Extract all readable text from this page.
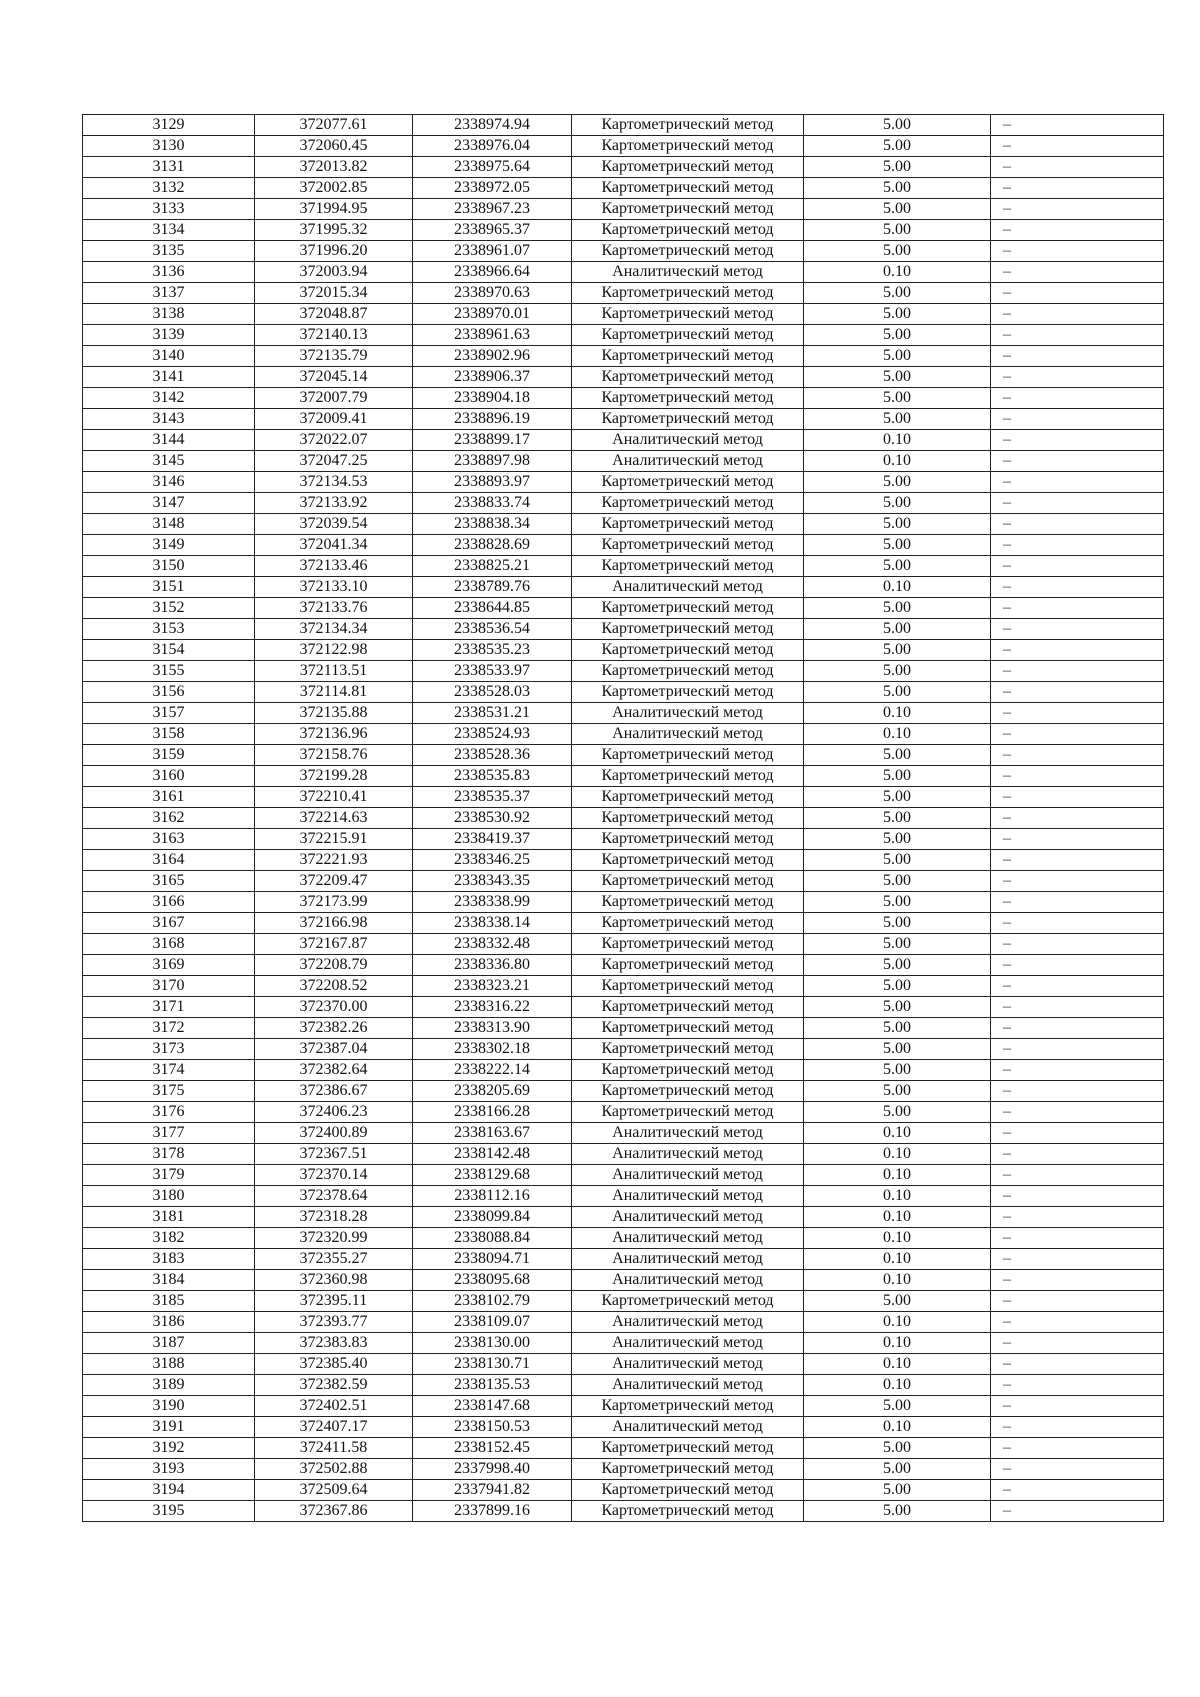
3129	372077.61	2338974.94	Картометрический метод	5.00	–
3130	372060.45	2338976.04	Картометрический метод	5.00	–
3131	372013.82	2338975.64	Картометрический метод	5.00	–
3132	372002.85	2338972.05	Картометрический метод	5.00	–
3133	371994.95	2338967.23	Картометрический метод	5.00	–
3134	371995.32	2338965.37	Картометрический метод	5.00	–
3135	371996.20	2338961.07	Картометрический метод	5.00	–
3136	372003.94	2338966.64	Аналитический метод	0.10	–
3137	372015.34	2338970.63	Картометрический метод	5.00	–
3138	372048.87	2338970.01	Картометрический метод	5.00	–
3139	372140.13	2338961.63	Картометрический метод	5.00	–
3140	372135.79	2338902.96	Картометрический метод	5.00	–
3141	372045.14	2338906.37	Картометрический метод	5.00	–
3142	372007.79	2338904.18	Картометрический метод	5.00	–
3143	372009.41	2338896.19	Картометрический метод	5.00	–
3144	372022.07	2338899.17	Аналитический метод	0.10	–
3145	372047.25	2338897.98	Аналитический метод	0.10	–
3146	372134.53	2338893.97	Картометрический метод	5.00	–
3147	372133.92	2338833.74	Картометрический метод	5.00	–
3148	372039.54	2338838.34	Картометрический метод	5.00	–
3149	372041.34	2338828.69	Картометрический метод	5.00	–
3150	372133.46	2338825.21	Картометрический метод	5.00	–
3151	372133.10	2338789.76	Аналитический метод	0.10	–
3152	372133.76	2338644.85	Картометрический метод	5.00	–
3153	372134.34	2338536.54	Картометрический метод	5.00	–
3154	372122.98	2338535.23	Картометрический метод	5.00	–
3155	372113.51	2338533.97	Картометрический метод	5.00	–
3156	372114.81	2338528.03	Картометрический метод	5.00	–
3157	372135.88	2338531.21	Аналитический метод	0.10	–
3158	372136.96	2338524.93	Аналитический метод	0.10	–
3159	372158.76	2338528.36	Картометрический метод	5.00	–
3160	372199.28	2338535.83	Картометрический метод	5.00	–
3161	372210.41	2338535.37	Картометрический метод	5.00	–
3162	372214.63	2338530.92	Картометрический метод	5.00	–
3163	372215.91	2338419.37	Картометрический метод	5.00	–
3164	372221.93	2338346.25	Картометрический метод	5.00	–
3165	372209.47	2338343.35	Картометрический метод	5.00	–
3166	372173.99	2338338.99	Картометрический метод	5.00	–
3167	372166.98	2338338.14	Картометрический метод	5.00	–
3168	372167.87	2338332.48	Картометрический метод	5.00	–
3169	372208.79	2338336.80	Картометрический метод	5.00	–
3170	372208.52	2338323.21	Картометрический метод	5.00	–
3171	372370.00	2338316.22	Картометрический метод	5.00	–
3172	372382.26	2338313.90	Картометрический метод	5.00	–
3173	372387.04	2338302.18	Картометрический метод	5.00	–
3174	372382.64	2338222.14	Картометрический метод	5.00	–
3175	372386.67	2338205.69	Картометрический метод	5.00	–
3176	372406.23	2338166.28	Картометрический метод	5.00	–
3177	372400.89	2338163.67	Аналитический метод	0.10	–
3178	372367.51	2338142.48	Аналитический метод	0.10	–
3179	372370.14	2338129.68	Аналитический метод	0.10	–
3180	372378.64	2338112.16	Аналитический метод	0.10	–
3181	372318.28	2338099.84	Аналитический метод	0.10	–
3182	372320.99	2338088.84	Аналитический метод	0.10	–
3183	372355.27	2338094.71	Аналитический метод	0.10	–
3184	372360.98	2338095.68	Аналитический метод	0.10	–
3185	372395.11	2338102.79	Картометрический метод	5.00	–
3186	372393.77	2338109.07	Аналитический метод	0.10	–
3187	372383.83	2338130.00	Аналитический метод	0.10	–
3188	372385.40	2338130.71	Аналитический метод	0.10	–
3189	372382.59	2338135.53	Аналитический метод	0.10	–
3190	372402.51	2338147.68	Картометрический метод	5.00	–
3191	372407.17	2338150.53	Аналитический метод	0.10	–
3192	372411.58	2338152.45	Картометрический метод	5.00	–
3193	372502.88	2337998.40	Картометрический метод	5.00	–
3194	372509.64	2337941.82	Картометрический метод	5.00	–
3195	372367.86	2337899.16	Картометрический метод	5.00	–
